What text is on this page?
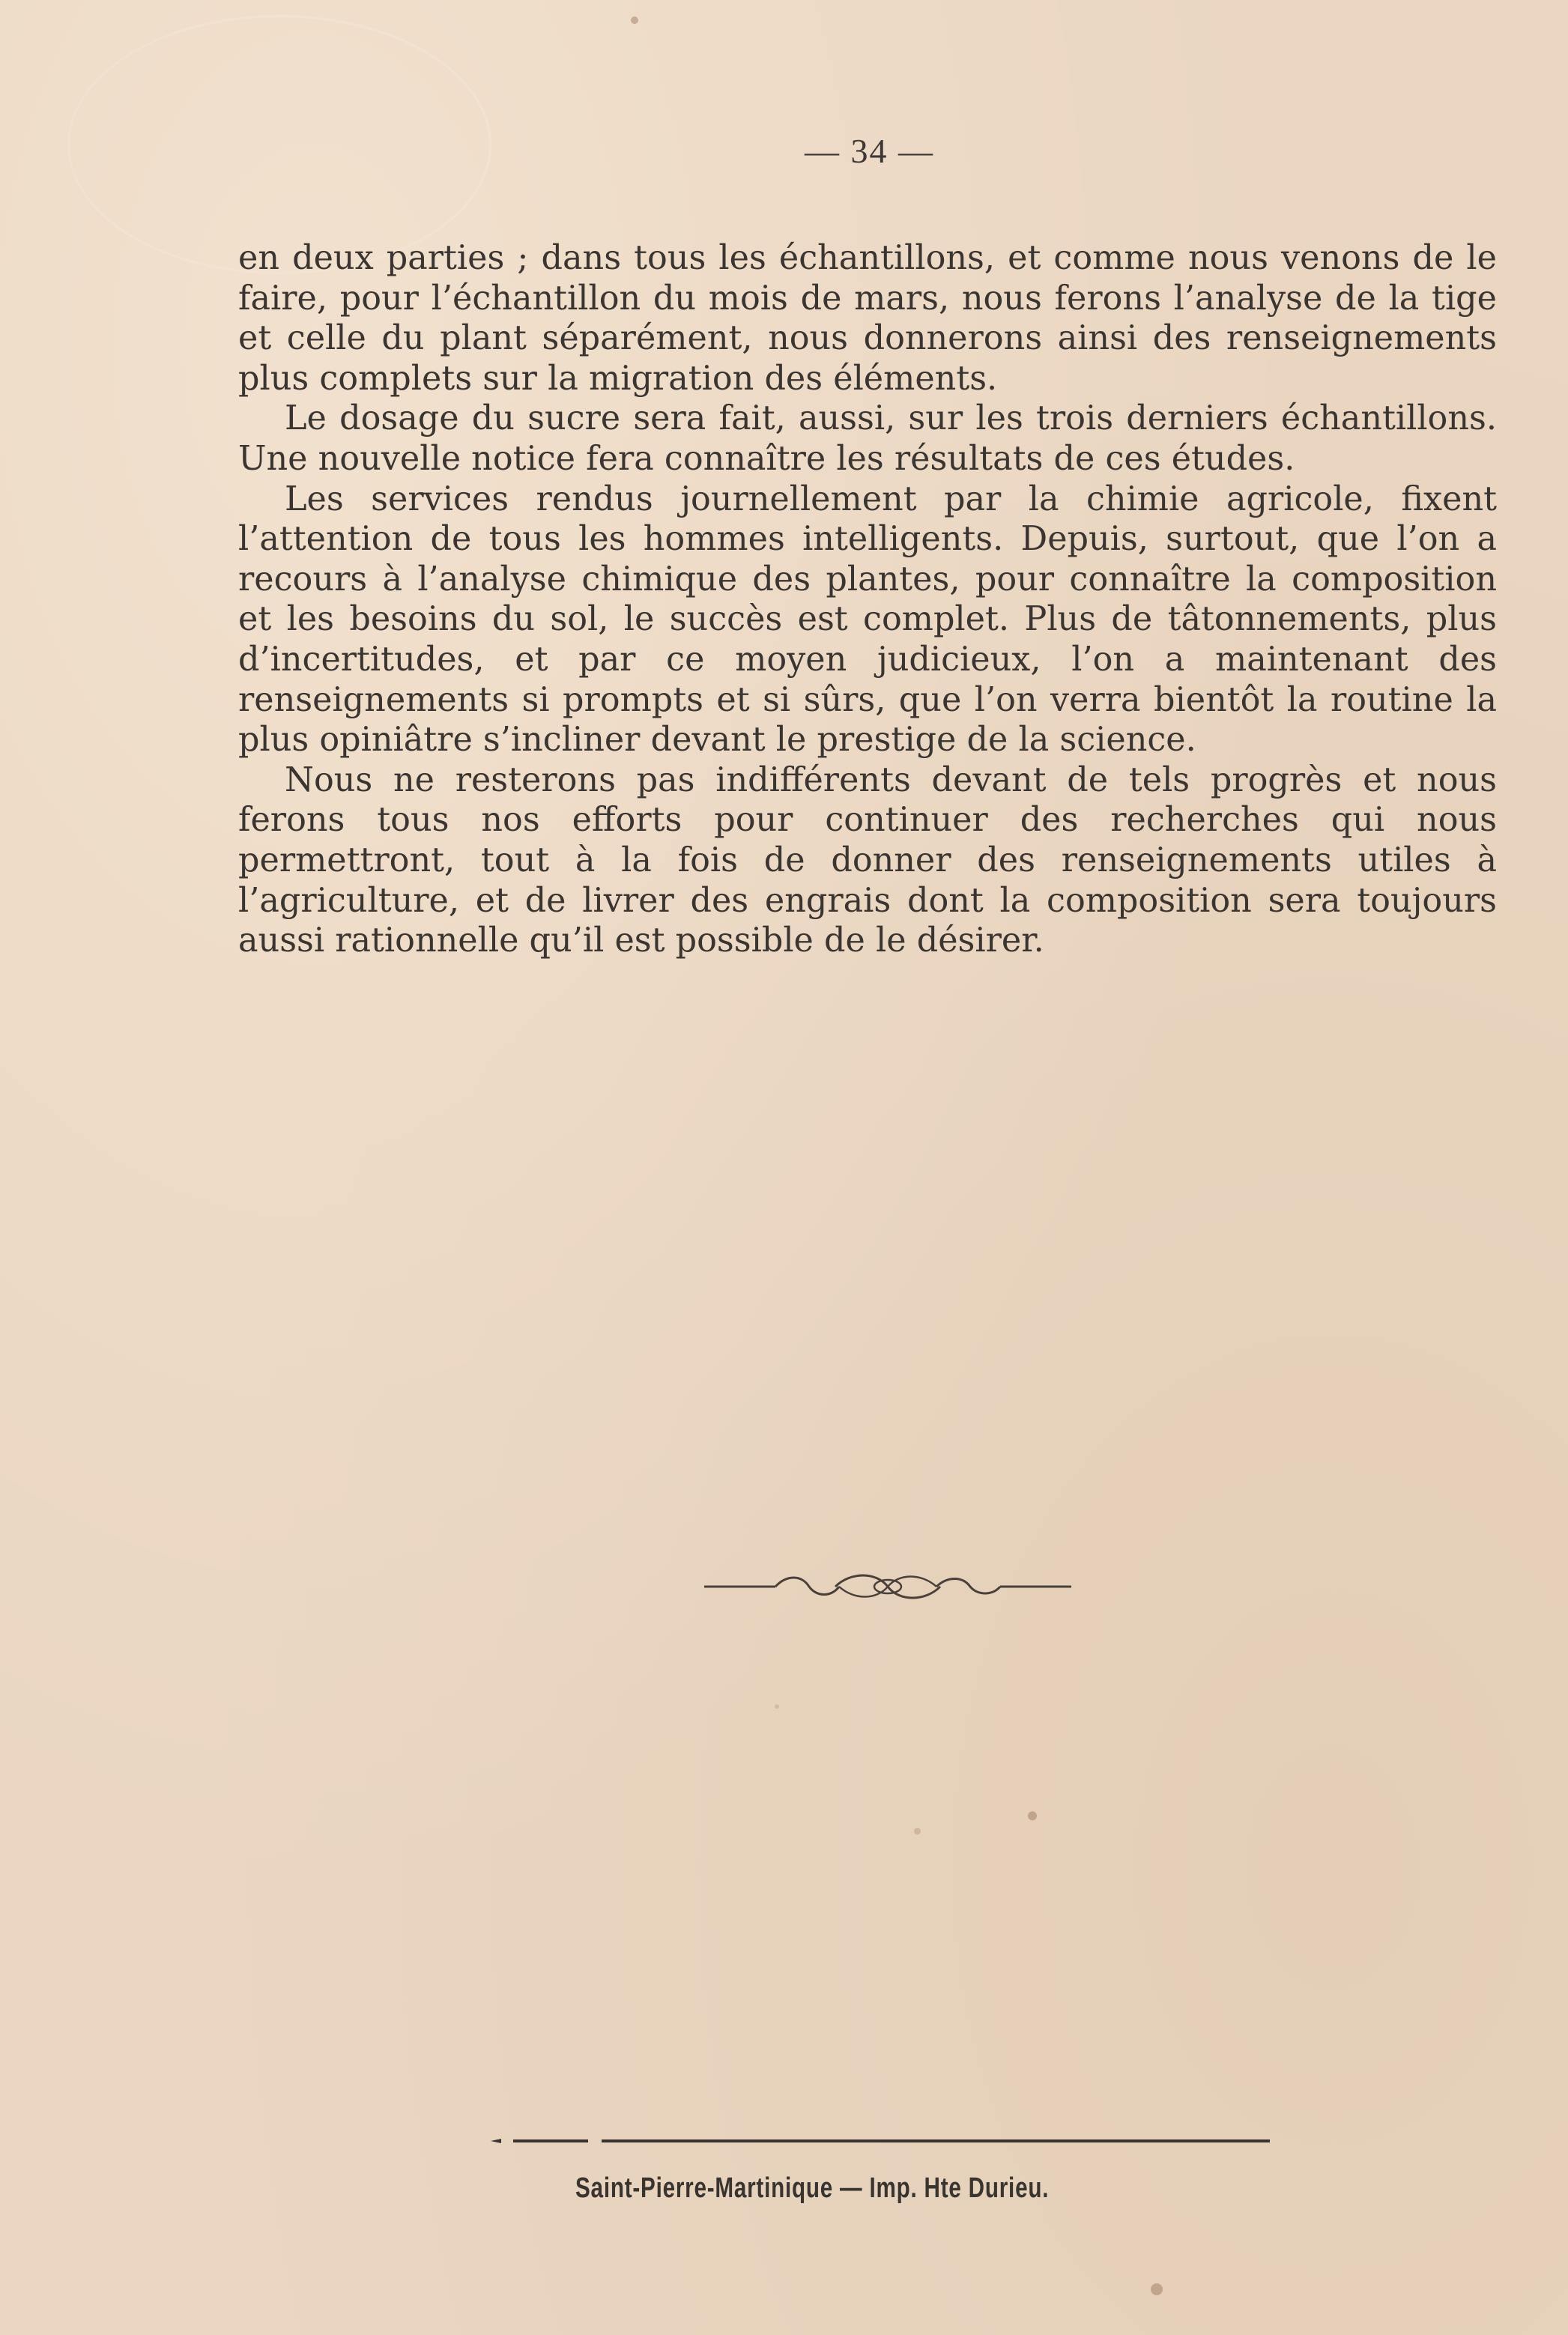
— 34 —

en deux parties ; dans tous les échantillons, et comme nous venons de le faire, pour l’échantillon du mois de mars, nous ferons l’analyse de la tige et celle du plant séparément, nous donnerons ainsi des renseignements plus complets sur la migration des éléments.

Le dosage du sucre sera fait, aussi, sur les trois derniers échantillons. Une nouvelle notice fera connaître les résultats de ces études.

Les services rendus journellement par la chimie agricole, fixent l’attention de tous les hommes intelligents. Depuis, surtout, que l’on a recours à l’analyse chimique des plantes, pour connaître la composition et les besoins du sol, le succès est complet. Plus de tâtonnements, plus d’incertitudes, et par ce moyen judicieux, l’on a maintenant des renseignements si prompts et si sûrs, que l’on verra bientôt la routine la plus opiniâtre s’incliner devant le prestige de la science.

Nous ne resterons pas indifférents devant de tels progrès et nous ferons tous nos efforts pour continuer des recherches qui nous permettront, tout à la fois de donner des renseignements utiles à l’agriculture, et de livrer des engrais dont la composition sera toujours aussi rationnelle qu’il est possible de le désirer.

Saint-Pierre-Martinique — Imp. Hte Durieu.
